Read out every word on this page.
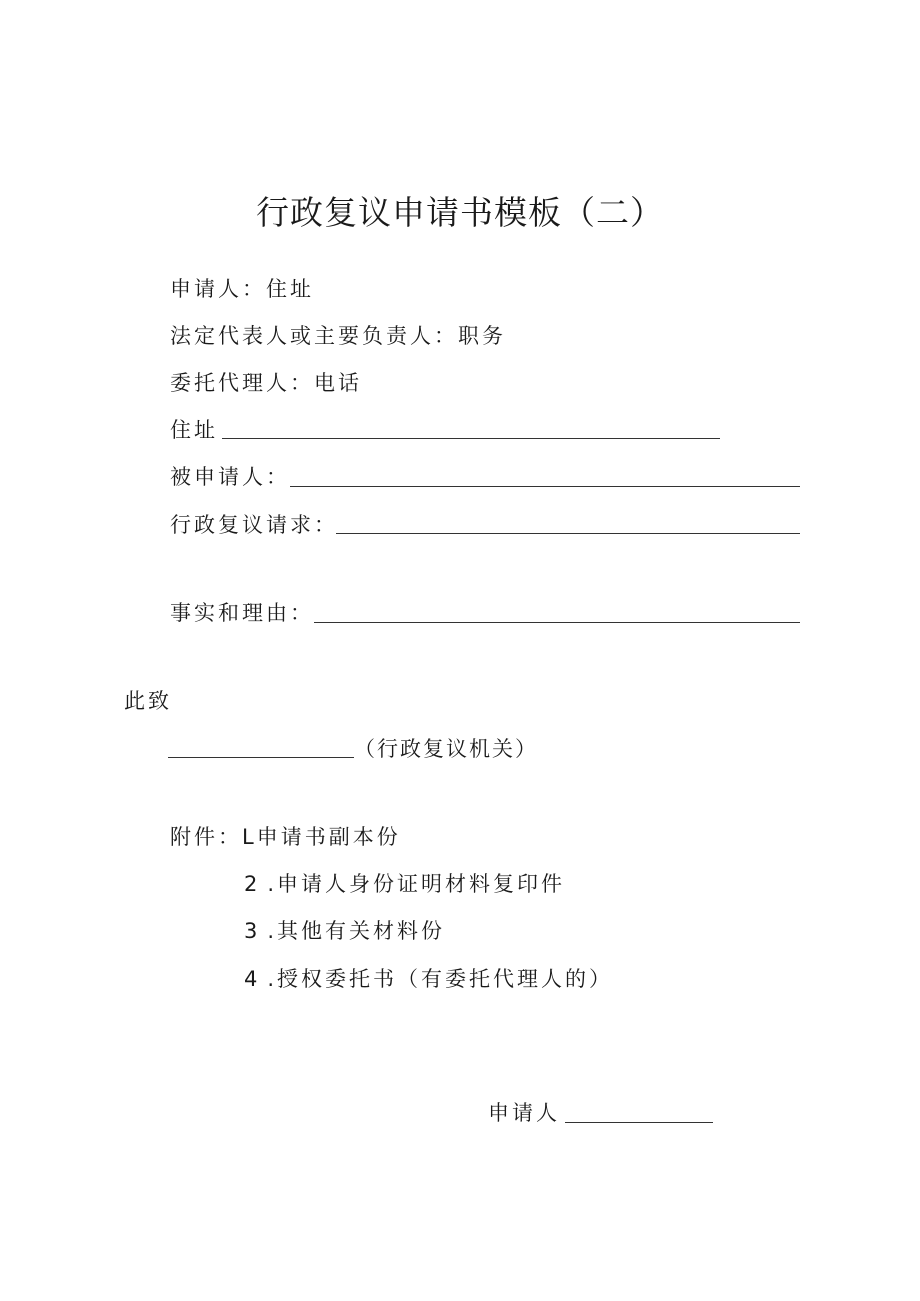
行政复议申请书模板（二）
申请人：住址
法定代表人或主要负责人：职务
委托代理人：电话
住址
被申请人：
行政复议请求：
事实和理由：
此致
（行政复议机关）
附件：L申请书副本份
2 .申请人身份证明材料复印件
3 .其他有关材料份
4 .授权委托书（有委托代理人的）
申请人
